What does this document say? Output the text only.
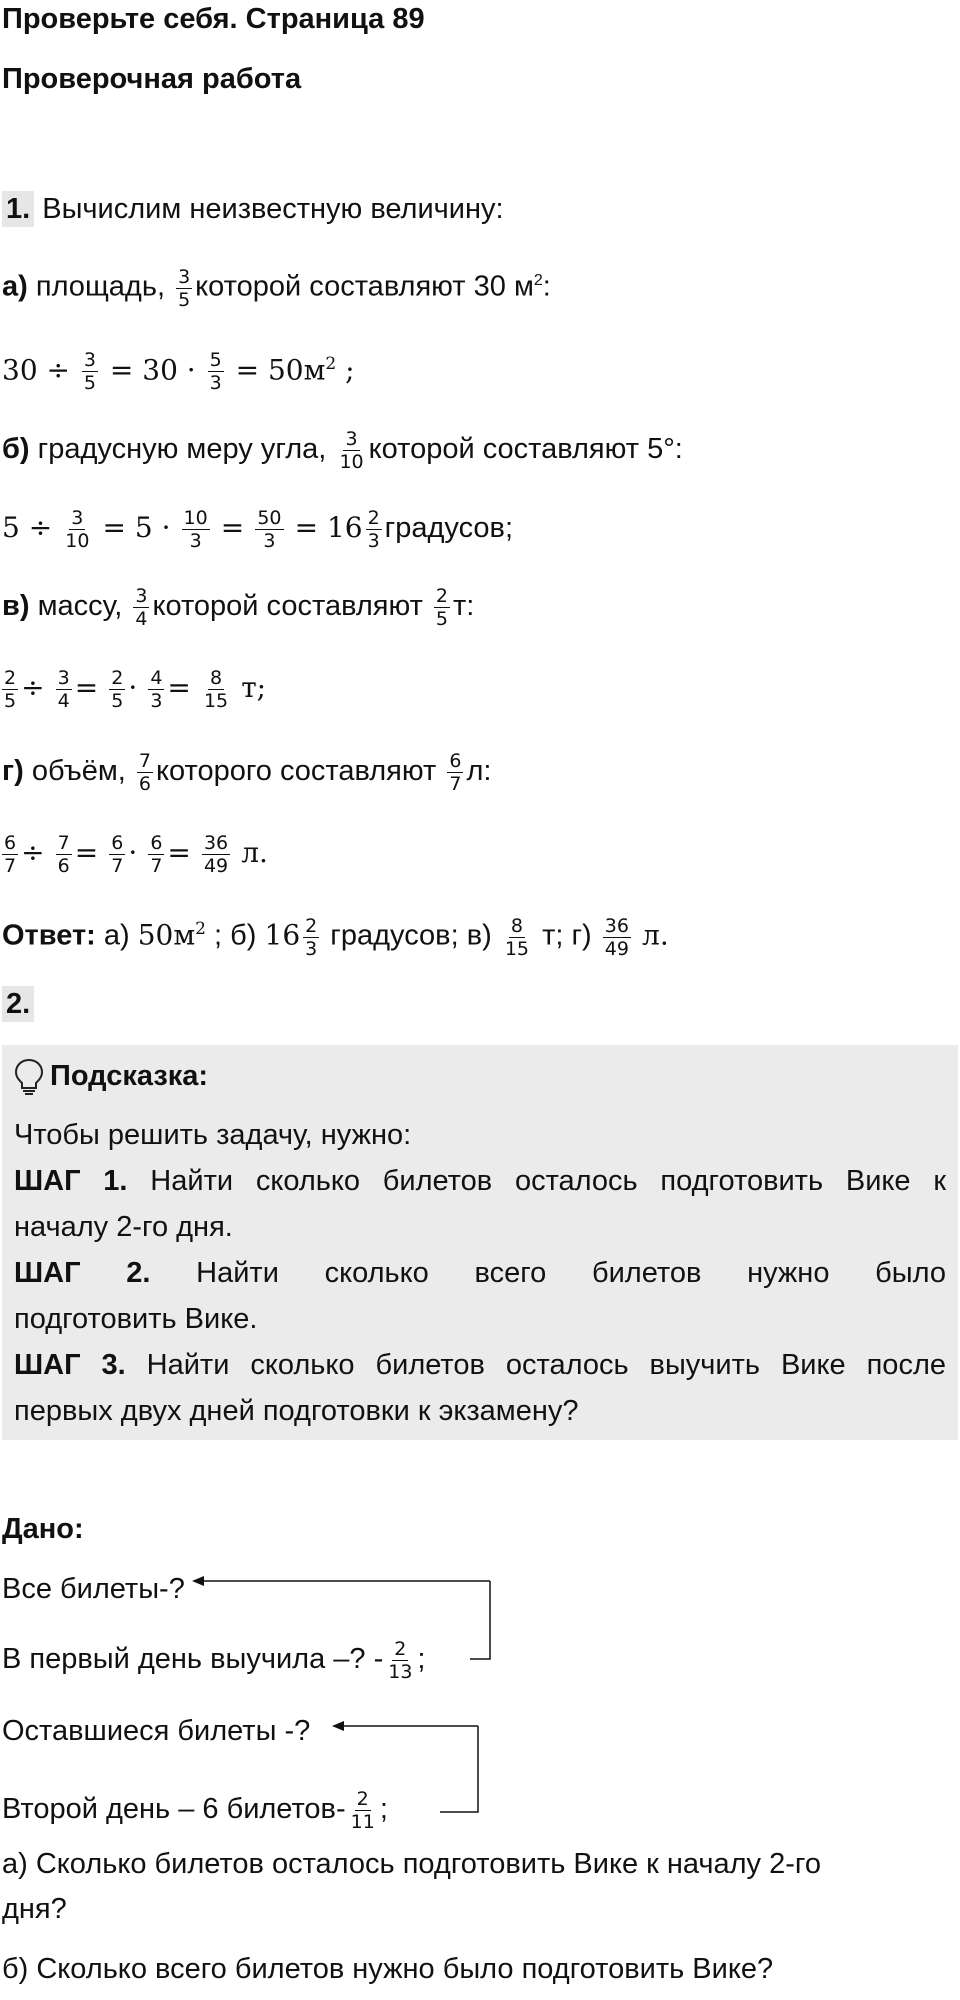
Проверьте себя. Страница 89
Проверочная работа
1. Вычислим неизвестную величину:
а) площадь, $\frac{3}{5}$ которой составляют 30 $м^2$:
$30 \div \frac{3}{5} = 30 \cdot \frac{5}{3} = 50м^2$ ;
б) градусную меру угла, $\frac{3}{10}$ которой составляют 5°:
$5 \div \frac{3}{10} = 5 \cdot \frac{10}{3} = \frac{50}{3} = 16 \frac{2}{3}$ градусов;
в) массу, $\frac{3}{4}$ которой составляют $\frac{2}{5} т$:
$\frac{2}{5} \div \frac{3}{4} = \frac{2}{5} \cdot \frac{4}{3} = \frac{8}{15} т$;
г) объём, $\frac{7}{6}$ которого составляют $\frac{6}{7} л$:
$\frac{6}{7} \div \frac{7}{6} = \frac{6}{7} \cdot \frac{6}{7} = \frac{36}{49} л$.
Ответ: а) $50м^2$ ; б) $16 \frac{2}{3}$ градусов; $в) \frac{8}{15} т$; $г) \frac{36}{49} л$.
2.
Подсказка:
Чтобы решить задачу, нужно:
ШАГ 1. Найти сколько билетов осталось подготовить Вике к
началу 2-го дня.
ШАГ 2. Найти сколько всего билетов нужно было
подготовить Вике.
ШАГ 3. Найти сколько билетов осталось выучить Вике после
первых двух дней подготовки к экзамену?
Дано:
Все билеты-?
В первый день выучила –? - $\frac{2}{13}$ ;
Оставшиеся билеты -?
Второй день – 6 билетов- $\frac{2}{11}$ ;
а) Сколько билетов осталось подготовить Вике к началу 2-го
дня?
б) Сколько всего билетов нужно было подготовить Вике?
